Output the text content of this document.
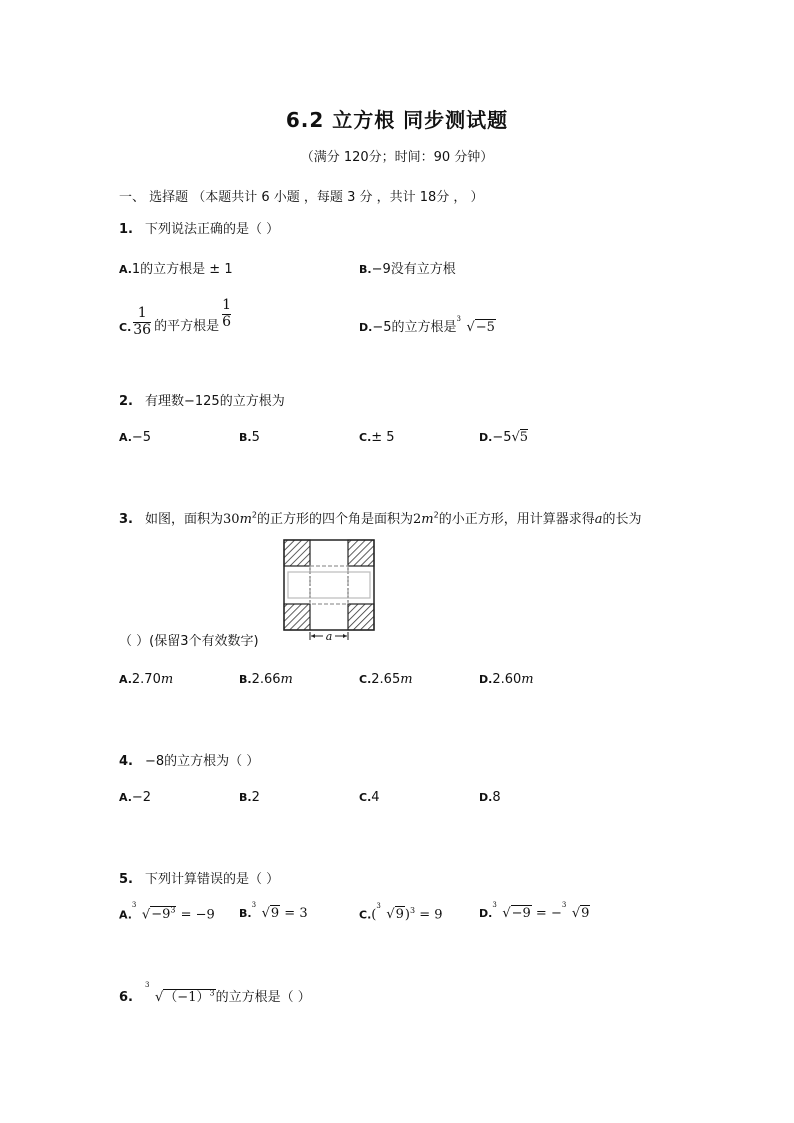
6.2 立方根 同步测试题
（满分 120分；时间：90 分钟）
一、 选择题 （本题共计 6 小题 ，每题 3 分 ，共计 18分 ， ）
1. 下列说法正确的是（ ）
A.1的立方根是 ± 1	B.−9没有立方根
C. $\frac{1}{36}$ 的平方根是 $\frac{1}{6}$	D.−5的立方根是
3
√−5
2. 有理数−125的立方根为
A.−5	B.5	C.± 5	D.−5√5
3. 如图，面积为$30m^2$的正方形的四个角是面积为$2m^2$的小正方形，用计算器求得a的长为
a
（ ）(保留3个有效数字)
A.2.70m	B.2.66m	C.2.65m	D.2.60m
4. −8的立方根为（ ）
A.−2	B.2	C.4	D.8
5. 下列计算错误的是（ ）
A.
3
$√-9^3 = -9$ B.
3
√9 = 3	C.(
3
√9)$^3$ = 9	D.
3
√−9 = −
3
√9
6.
3
$√(-1)^3$的立方根是（ ）
